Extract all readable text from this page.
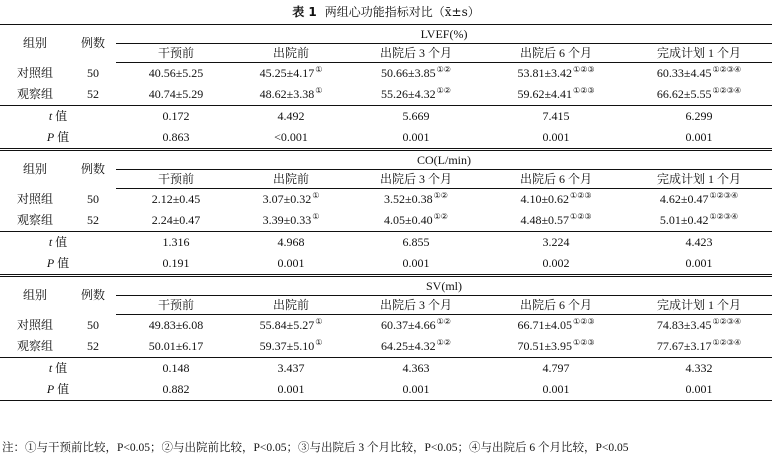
表 1 两组心功能指标对比（x̄±s）
组别	例数	LVEF(%)				
		干预前	出院前	出院后 3 个月	出院后 6 个月	完成计划 1 个月
对照组	50	40.56±5.25	45.25±4.17①	50.66±3.85①②	53.81±3.42①②③	60.33±4.45①②③④
观察组	52	40.74±5.29	48.62±3.38①	55.26±4.32①②	59.62±4.41①②③	66.62±5.55①②③④
t 值		0.172	4.492	5.669	7.415	6.299
P 值		0.863	<0.001	0.001	0.001	0.001
组别	例数	CO(L/min)				
		干预前	出院前	出院后 3 个月	出院后 6 个月	完成计划 1 个月
对照组	50	2.12±0.45	3.07±0.32①	3.52±0.38①②	4.10±0.62①②③	4.62±0.47①②③④
观察组	52	2.24±0.47	3.39±0.33①	4.05±0.40①②	4.48±0.57①②③	5.01±0.42①②③④
t 值		1.316	4.968	6.855	3.224	4.423
P 值		0.191	0.001	0.001	0.002	0.001
组别	例数	SV(ml)				
		干预前	出院前	出院后 3 个月	出院后 6 个月	完成计划 1 个月
对照组	50	49.83±6.08	55.84±5.27①	60.37±4.66①②	66.71±4.05①②③	74.83±3.45①②③④
观察组	52	50.01±6.17	59.37±5.10①	64.25±4.32①②	70.51±3.95①②③	77.67±3.17①②③④
t 值		0.148	3.437	4.363	4.797	4.332
P 值		0.882	0.001	0.001	0.001	0.001
注：①与干预前比较，P<0.05；②与出院前比较，P<0.05；③与出院后 3 个月比较，P<0.05；④与出院后 6 个月比较，P<0.05
